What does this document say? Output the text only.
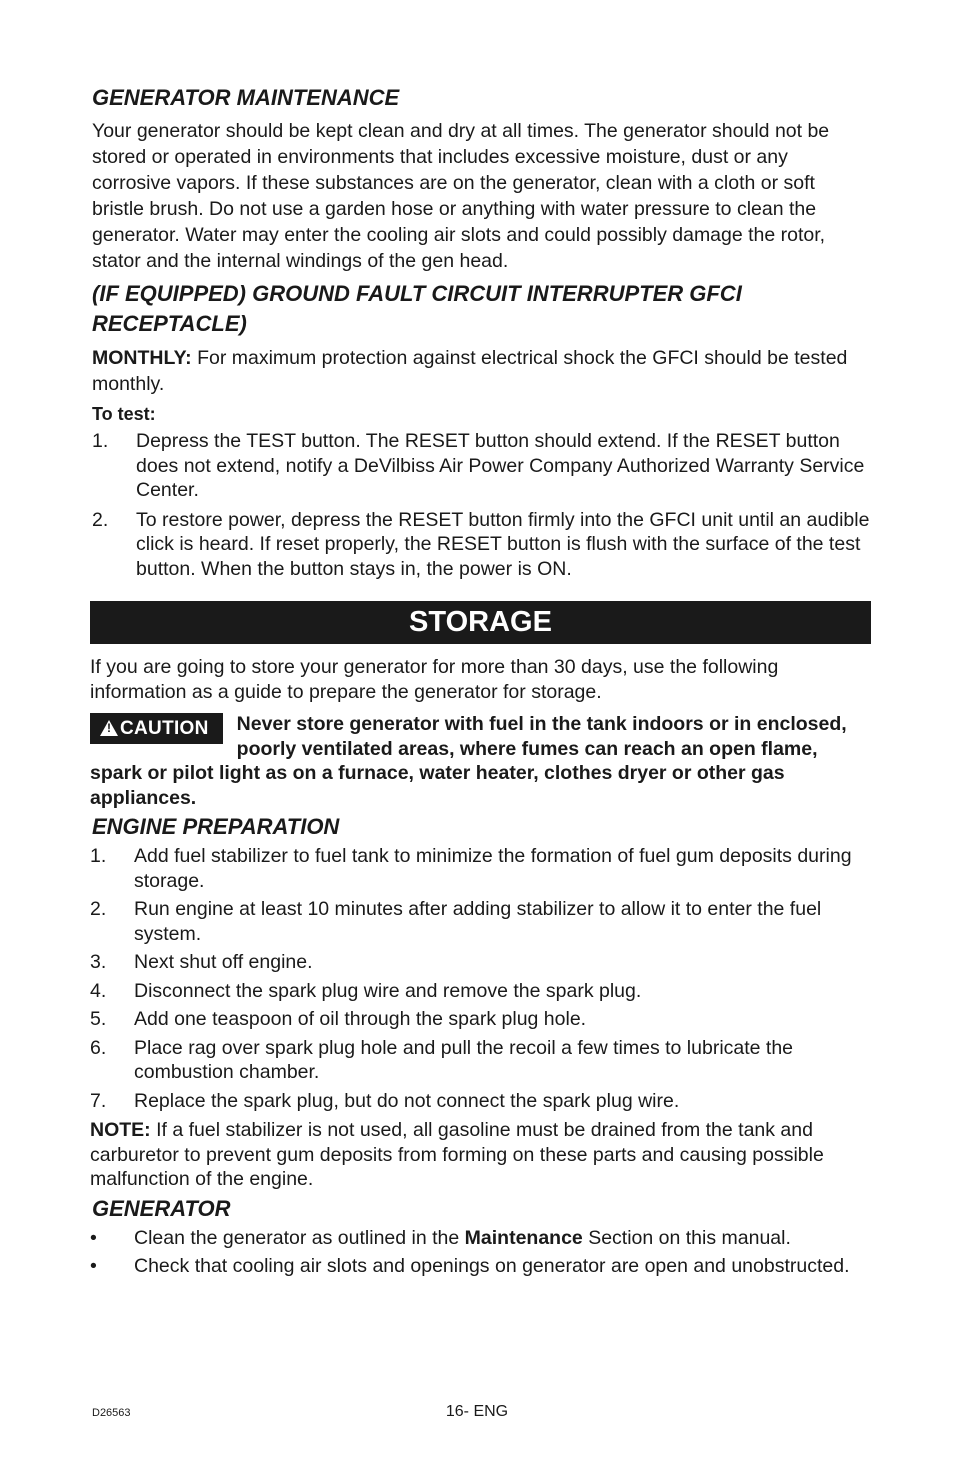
GENERATOR MAINTENANCE

Your generator should be kept clean and dry at all times. The generator should not be stored or operated in environments that includes excessive moisture, dust or any corrosive vapors. If these substances are on the generator, clean with a cloth or soft bristle brush. Do not use a garden hose or anything with water pressure to clean the generator. Water may enter the cooling air slots and could possibly damage the rotor, stator and the internal windings of the gen head.

(IF EQUIPPED) GROUND FAULT CIRCUIT INTERRUPTER GFCI RECEPTACLE)

MONTHLY: For maximum protection against electrical shock the GFCI should be tested monthly.

To test:

1. Depress the TEST button. The RESET button should extend. If the RESET button does not extend, notify a DeVilbiss Air Power Company Authorized Warranty Service Center.
2. To restore power, depress the RESET button firmly into the GFCI unit until an audible click is heard. If reset properly, the RESET button is flush with the surface of the test button. When the button stays in, the power is ON.
STORAGE

If you are going to store your generator for more than 30 days, use the following information as a guide to prepare the generator for storage.

!CAUTION	Never store generator with fuel in the tank indoors or in enclosed, poorly ventilated areas, where fumes can reach an open flame, spark or pilot light as on a furnace, water heater, clothes dryer or other gas appliances.

ENGINE PREPARATION
1. Add fuel stabilizer to fuel tank to minimize the formation of fuel gum deposits during storage.
2. Run engine at least 10 minutes after adding stabilizer to allow it to enter the fuel system.
3. Next shut off engine.
4. Disconnect the spark plug wire and remove the spark plug.
5. Add one teaspoon of oil through the spark plug hole.
6. Place rag over spark plug hole and pull the recoil a few times to lubricate the combustion chamber.
7. Replace the spark plug, but do not connect the spark plug wire.

NOTE: If a fuel stabilizer is not used, all gasoline must be drained from the tank and carburetor to prevent gum deposits from forming on these parts and causing possible malfunction of the engine.

GENERATOR
• Clean the generator as outlined in the Maintenance Section on this manual.
• Check that cooling air slots and openings on generator are open and unobstructed.
D26563	16- ENG
